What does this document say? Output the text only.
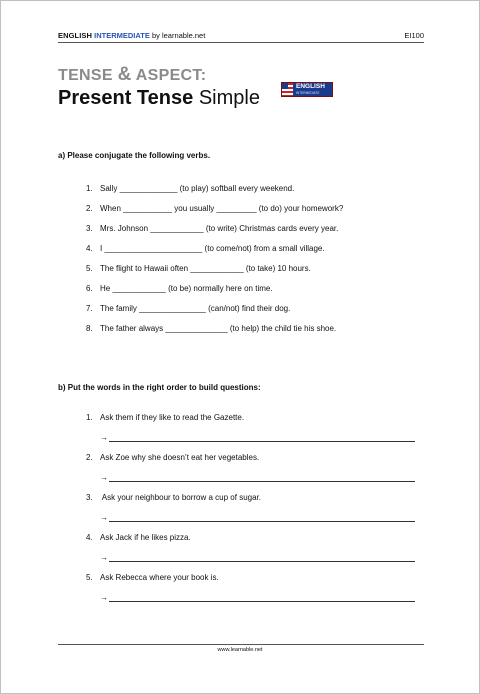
ENGLISH INTERMEDIATE by learnable.net	EI100
TENSE & ASPECT:
Present Tense Simple
ENGLISH
INTERMEDIATE
a) Please conjugate the following verbs.
1. Sally _____________ (to play) softball every weekend.
2. When ___________ you usually _________ (to do) your homework?
3. Mrs. Johnson ____________ (to write) Christmas cards every year.
4. I ______________________ (to come/not) from a small village.
5. The flight to Hawaii often ____________ (to take) 10 hours.
6. He ____________ (to be) normally here on time.
7. The family _______________ (can/not) find their dog.
8. The father always ______________ (to help) the child tie his shoe.
b) Put the words in the right order to build questions:
1. Ask them if they like to read the Gazette.
→
2. Ask Zoe why she doesn’t eat her vegetables.
→
3. Ask your neighbour to borrow a cup of sugar.
→
4. Ask Jack if he likes pizza.
→
5. Ask Rebecca where your book is.
→
www.learnable.net
